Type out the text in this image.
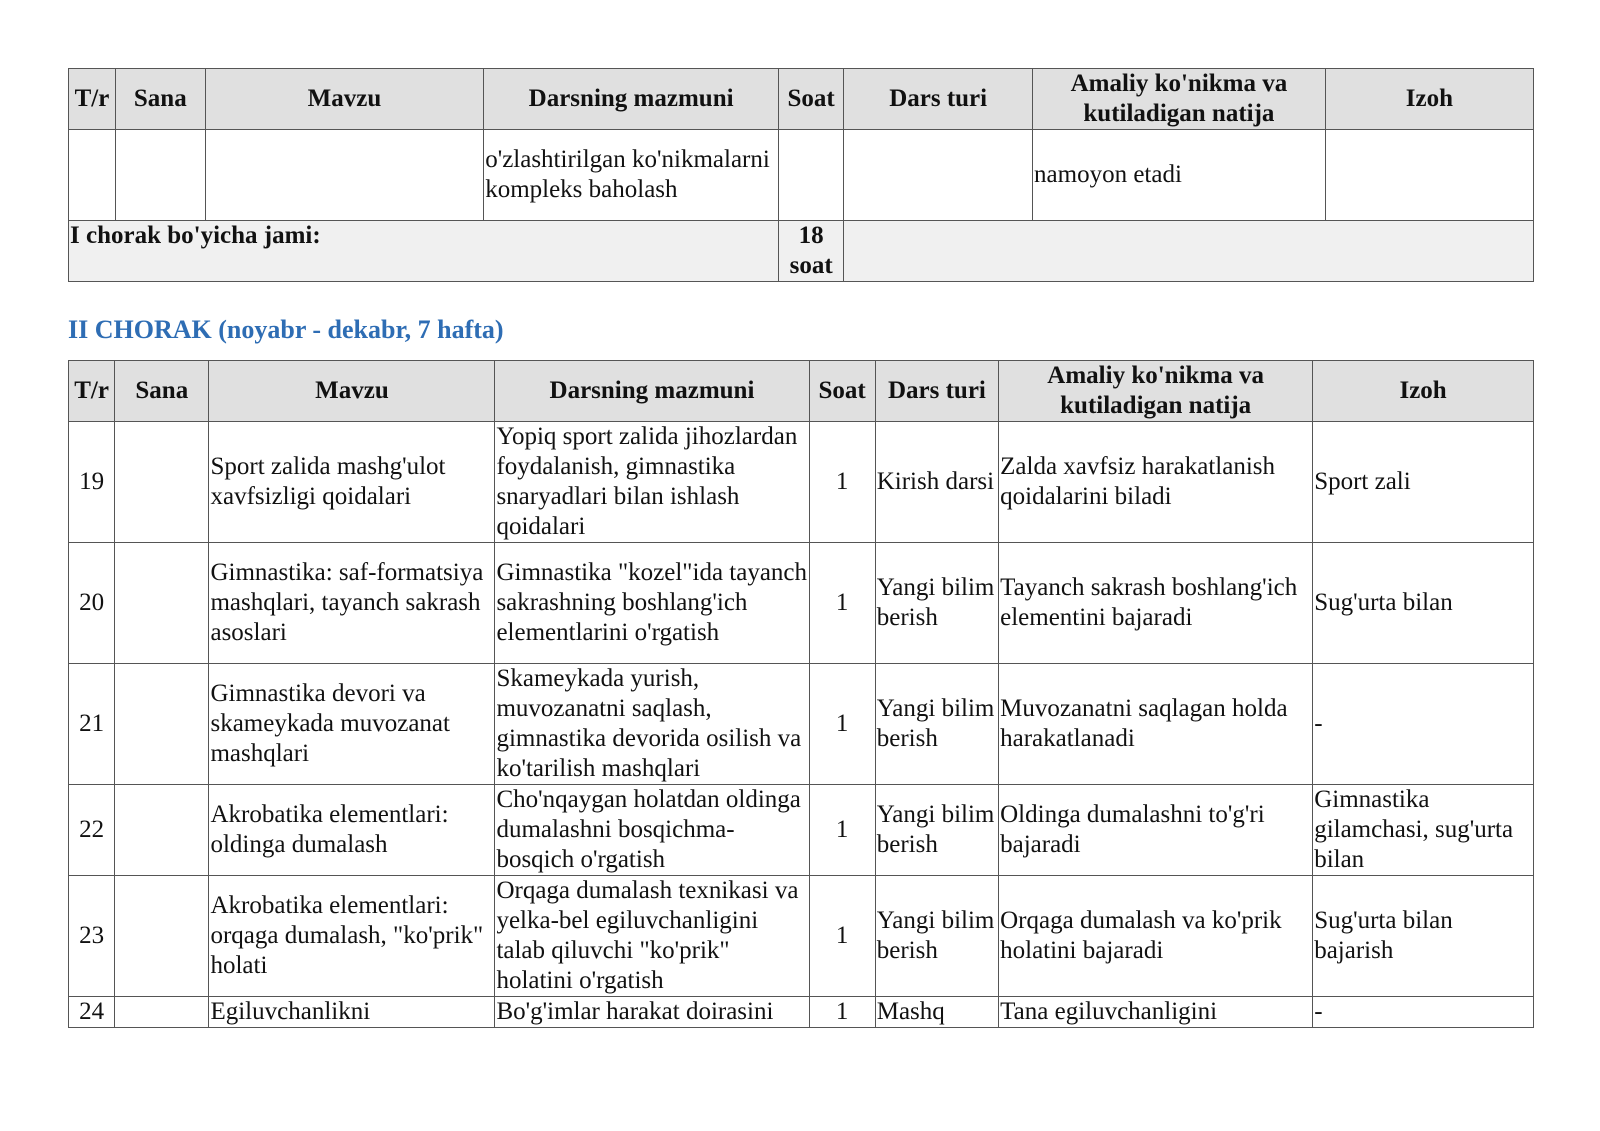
T/r	Sana	Mavzu	Darsning mazmuni	Soat	Dars turi	Amaliy ko'nikma va kutiladigan natija	Izoh
			o'zlashtirilgan ko'nikmalarni kompleks baholash			namoyon etadi	
I chorak bo'yicha jami:				18 soat			
II CHORAK (noyabr - dekabr, 7 hafta)
T/r	Sana	Mavzu	Darsning mazmuni	Soat	Dars turi	Amaliy ko'nikma va kutiladigan natija	Izoh
19		Sport zalida mashg'ulot xavfsizligi qoidalari	Yopiq sport zalida jihozlardan foydalanish, gimnastika snaryadlari bilan ishlash qoidalari	1	Kirish darsi	Zalda xavfsiz harakatlanish qoidalarini biladi	Sport zali
20		Gimnastika: saf-formatsiya mashqlari, tayanch sakrash asoslari	Gimnastika "kozel"ida tayanch sakrashning boshlang'ich elementlarini o'rgatish	1	Yangi bilim berish	Tayanch sakrash boshlang'ich elementini bajaradi	Sug'urta bilan
21		Gimnastika devori va skameykada muvozanat mashqlari	Skameykada yurish, muvozanatni saqlash, gimnastika devorida osilish va ko'tarilish mashqlari	1	Yangi bilim berish	Muvozanatni saqlagan holda harakatlanadi	-
22		Akrobatika elementlari: oldinga dumalash	Cho'nqaygan holatdan oldinga dumalashni bosqichma-bosqich o'rgatish	1	Yangi bilim berish	Oldinga dumalashni to'g'ri bajaradi	Gimnastika gilamchasi, sug'urta bilan
23		Akrobatika elementlari: orqaga dumalash, "ko'prik" holati	Orqaga dumalash texnikasi va yelka-bel egiluvchanligini talab qiluvchi "ko'prik" holatini o'rgatish	1	Yangi bilim berish	Orqaga dumalash va ko'prik holatini bajaradi	Sug'urta bilan bajarish
24		Egiluvchanlikni	Bo'g'imlar harakat doirasini	1	Mashq	Tana egiluvchanligini	-
